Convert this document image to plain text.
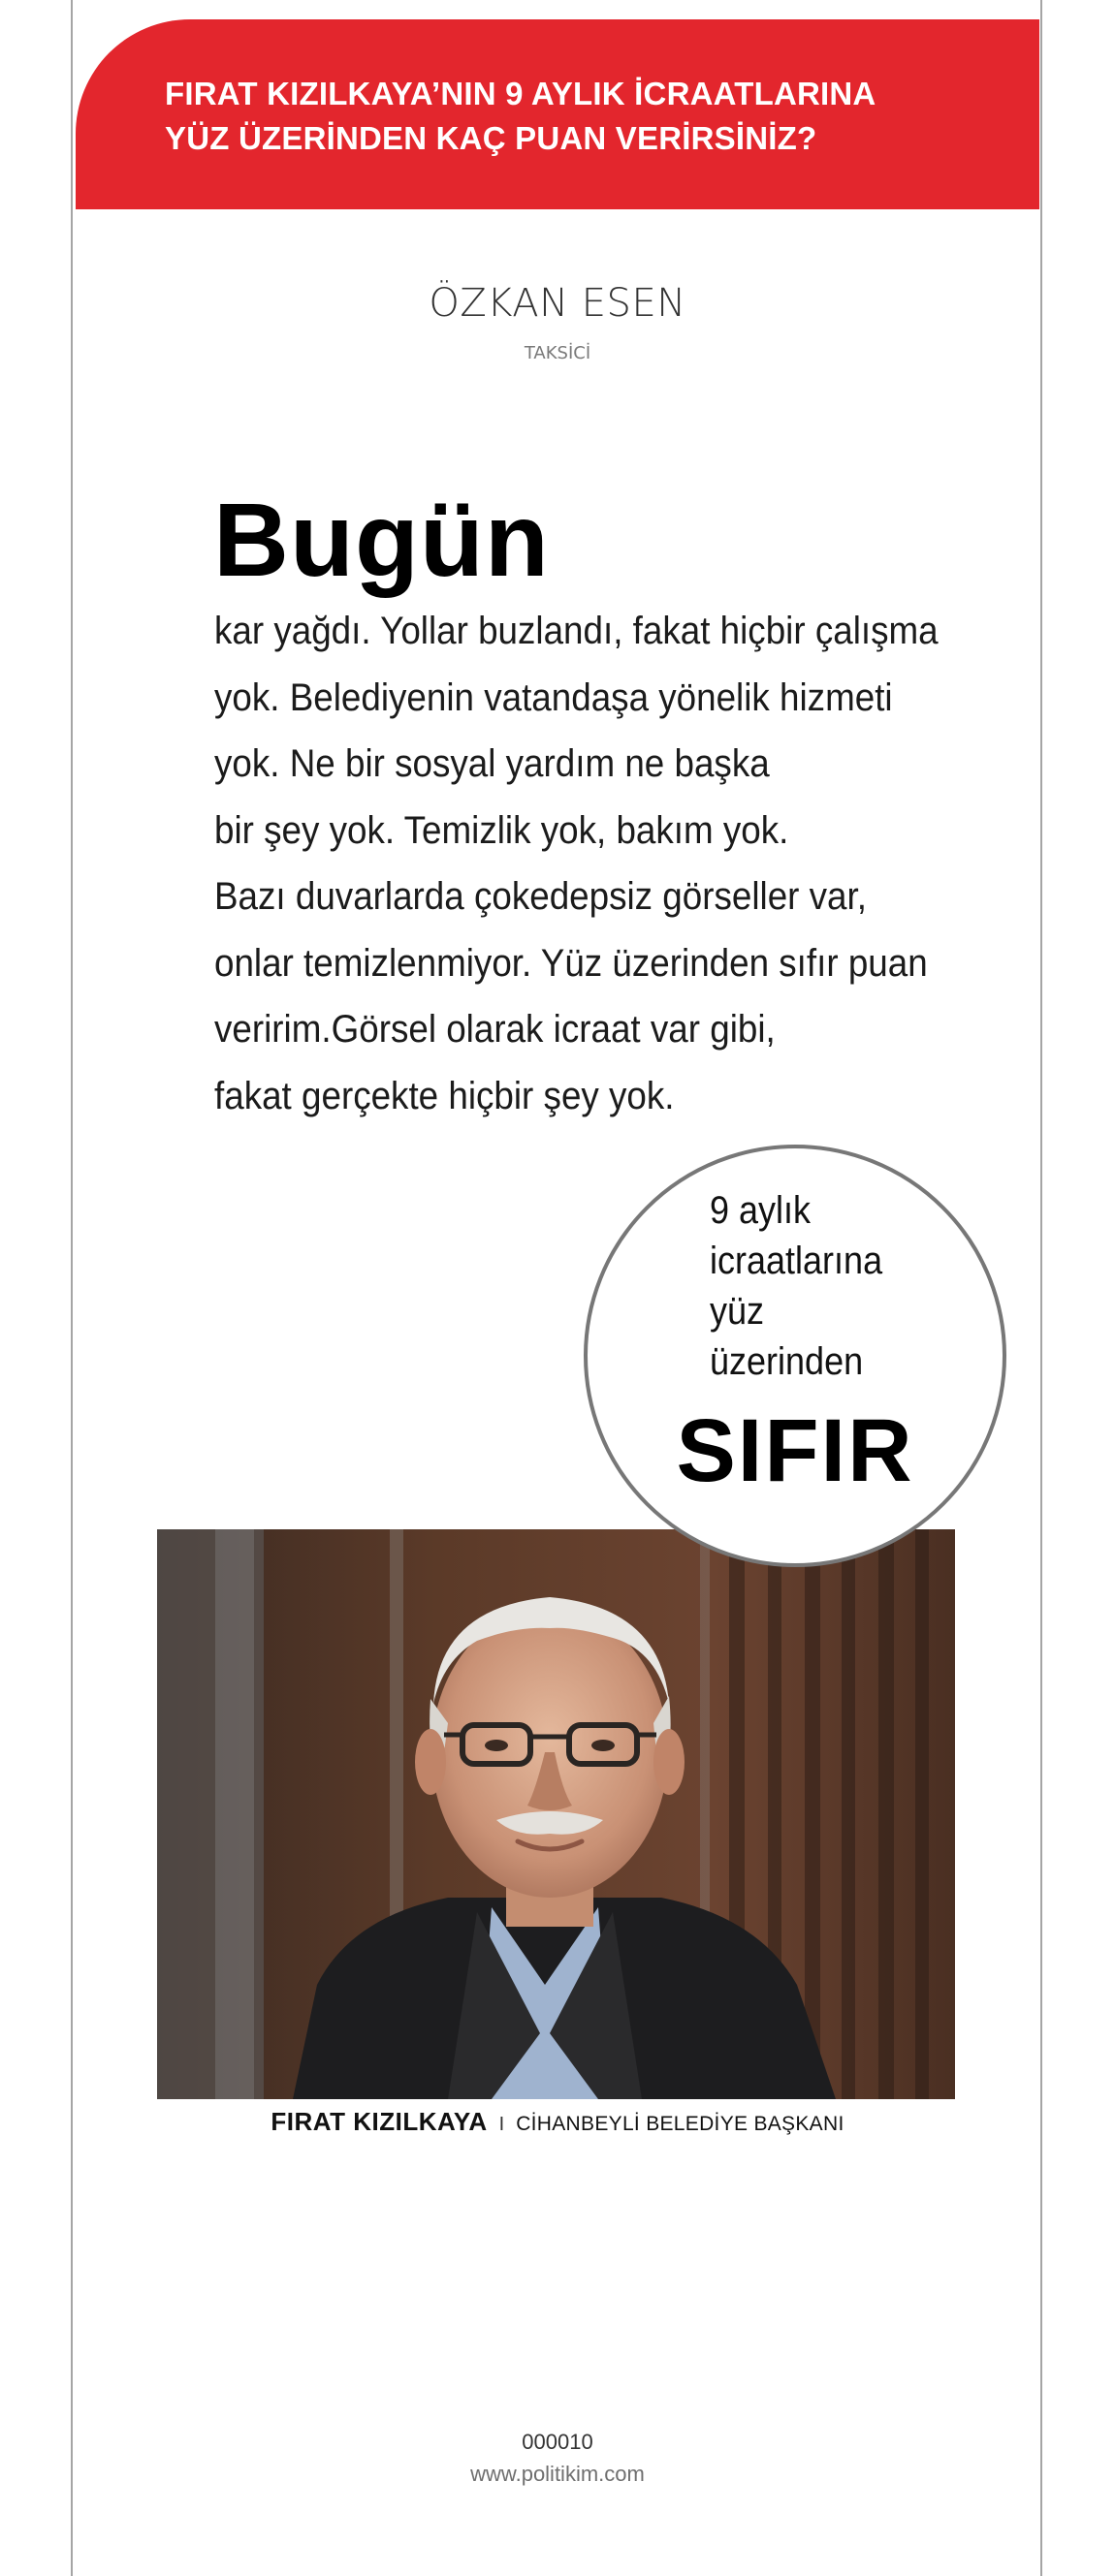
FIRAT KIZILKAYA’NIN 9 AYLIK İCRAATLARINA
YÜZ ÜZERİNDEN KAÇ PUAN VERİRSİNİZ?
ÖZKAN ESEN
TAKSİCİ
Bugün
kar yağdı. Yollar buzlandı, fakat hiçbir çalışma
yok. Belediyenin vatandaşa yönelik hizmeti
yok. Ne bir sosyal yardım ne başka
bir şey yok. Temizlik yok, bakım yok.
Bazı duvarlarda çokedepsiz görseller var,
onlar temizlenmiyor. Yüz üzerinden sıfır puan
veririm.Görsel olarak icraat var gibi,
fakat gerçekte hiçbir şey yok.
9 aylık
icraatlarına
yüz
üzerinden
SIFIR
FIRAT KIZILKAYA I CİHANBEYLİ BELEDİYE BAŞKANI
000010
www.politikim.com
